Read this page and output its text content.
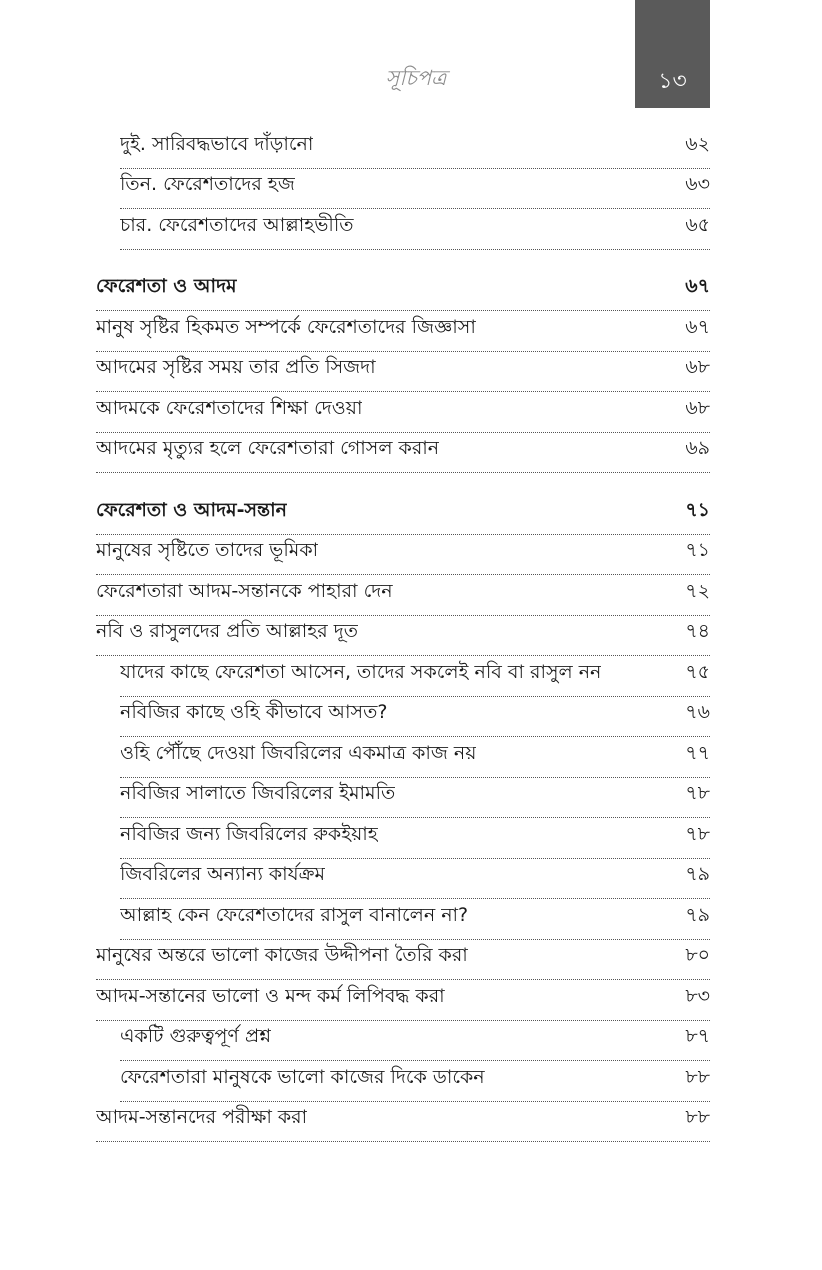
সূচিপত্র	১৩
দুই. সারিবদ্ধভাবে দাঁড়ানো	৬২
তিন. ফেরেশতাদের হজ	৬৩
চার. ফেরেশতাদের আল্লাহভীতি	৬৫
ফেরেশতা ও আদম	৬৭
মানুষ সৃষ্টির হিকমত সম্পর্কে ফেরেশতাদের জিজ্ঞাসা	৬৭
আদমের সৃষ্টির সময় তার প্রতি সিজদা	৬৮
আদমকে ফেরেশতাদের শিক্ষা দেওয়া	৬৮
আদমের মৃত্যুর হলে ফেরেশতারা গোসল করান	৬৯
ফেরেশতা ও আদম-সন্তান	৭১
মানুষের সৃষ্টিতে তাদের ভূমিকা	৭১
ফেরেশতারা আদম-সন্তানকে পাহারা দেন	৭২
নবি ও রাসুলদের প্রতি আল্লাহর দূত	৭৪
যাদের কাছে ফেরেশতা আসেন, তাদের সকলেই নবি বা রাসুল নন	৭৫
নবিজির কাছে ওহি কীভাবে আসত?	৭৬
ওহি পৌঁছে দেওয়া জিবরিলের একমাত্র কাজ নয়	৭৭
নবিজির সালাতে জিবরিলের ইমামতি	৭৮
নবিজির জন্য জিবরিলের রুকইয়াহ	৭৮
জিবরিলের অন্যান্য কার্যক্রম	৭৯
আল্লাহ কেন ফেরেশতাদের রাসুল বানালেন না?	৭৯
মানুষের অন্তরে ভালো কাজের উদ্দীপনা তৈরি করা	৮০
আদম-সন্তানের ভালো ও মন্দ কর্ম লিপিবদ্ধ করা	৮৩
একটি গুরুত্বপূর্ণ প্রশ্ন	৮৭
ফেরেশতারা মানুষকে ভালো কাজের দিকে ডাকেন	৮৮
আদম-সন্তানদের পরীক্ষা করা	৮৮
